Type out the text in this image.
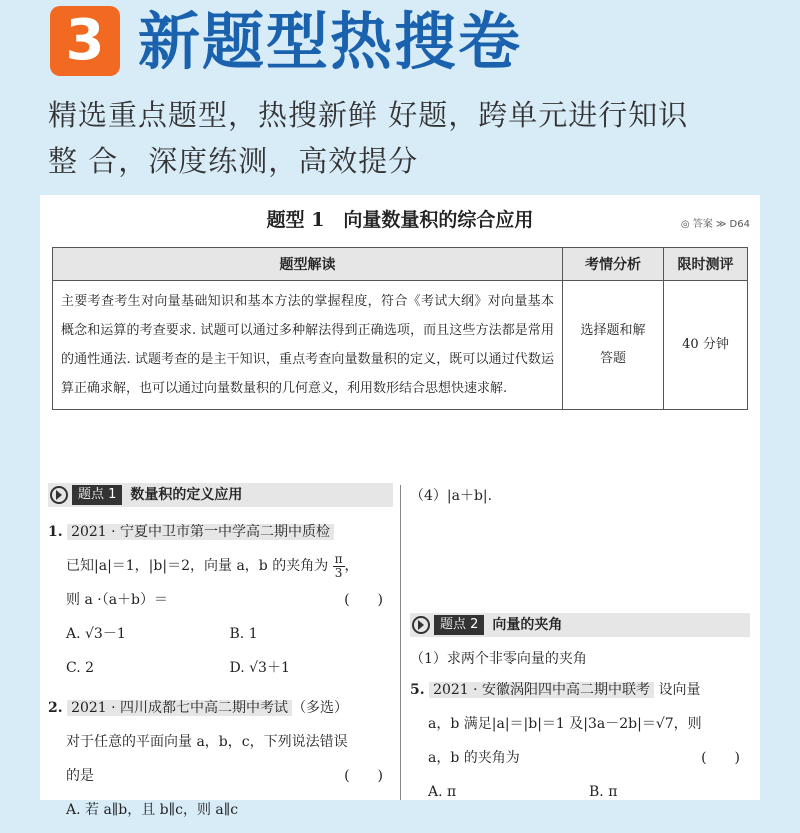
3 新题型热搜卷
精选重点题型，热搜新鲜 好题，跨单元进行知识
整 合，深度练测，高效提分
题型 1　向量数量积的综合应用	◎ 答案 ≫ D64
题型解读	考情分析	限时测评
主要考查考生对向量基础知识和基本方法的掌握程度，符合《考试大纲》对向量基本概念和运算的考查要求. 试题可以通过多种解法得到正确选项，而且这些方法都是常用的通性通法. 试题考查的是主干知识，重点考查向量数量积的定义，既可以通过代数运算正确求解，也可以通过向量数量积的几何意义，利用数形结合思想快速求解.	选择题和解答题	40 分钟
题点 1	数量积的定义应用
1. 2021 · 宁夏中卫市第一中学高二期中质检
已知|a|＝1，|b|＝2，向量 a，b 的夹角为 $\frac{\pi}{3}$ ，
则 a ·（a＋b）＝	(　　)
A. √3－1	B. 1
C. 2	D. √3＋1
2. 2021 · 四川成都七中高二期中考试 （多选）
对于任意的平面向量 a，b，c，下列说法错误
的是	(　　)
A. 若 a∥b，且 b∥c，则 a∥c
（4）|a＋b|.
题点 2	向量的夹角
（1）求两个非零向量的夹角
5. 2021 · 安徽涡阳四中高二期中联考 设向量
a，b 满足|a|＝|b|＝1 及|3a－2b|＝√7，则
a，b 的夹角为	(　　)
A. π	B. π
